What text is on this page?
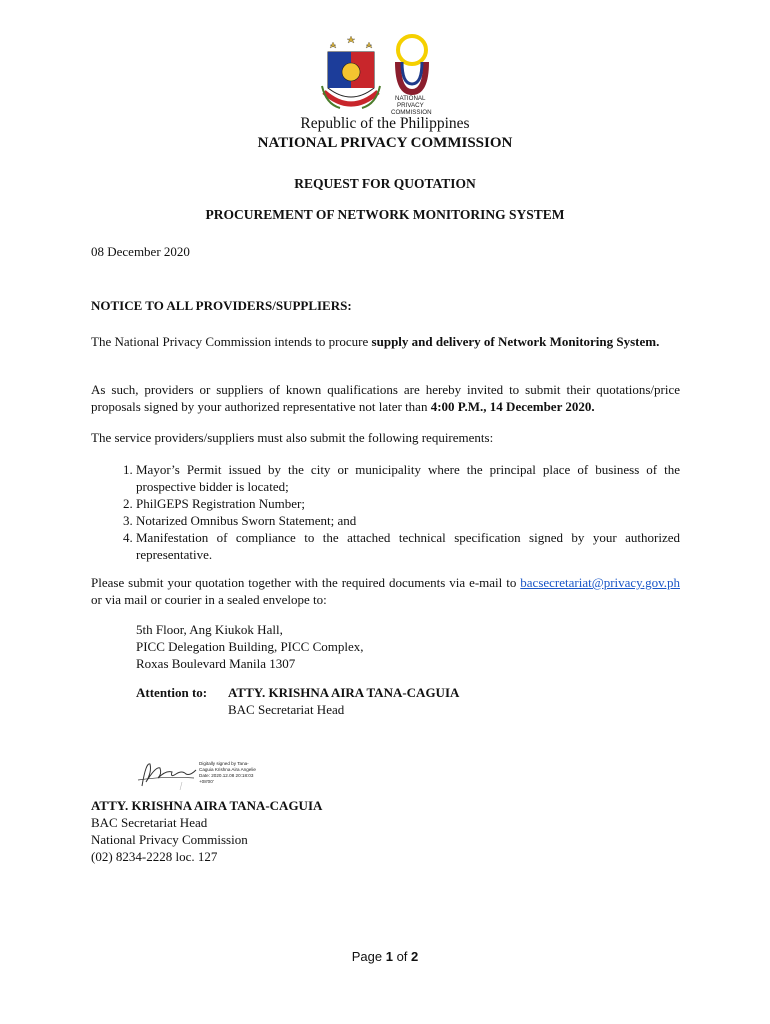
NATIONAL
PRIVACY
COMMISSION
Republic of the Philippines
NATIONAL PRIVACY COMMISSION
REQUEST FOR QUOTATION
PROCUREMENT OF NETWORK MONITORING SYSTEM
08 December 2020
NOTICE TO ALL PROVIDERS/SUPPLIERS:
The National Privacy Commission intends to procure supply and delivery of Network Monitoring System.
As such, providers or suppliers of known qualifications are hereby invited to submit their quotations/price proposals signed by your authorized representative not later than 4:00 P.M., 14 December 2020.
The service providers/suppliers must also submit the following requirements:
1. Mayor’s Permit issued by the city or municipality where the principal place of business of the prospective bidder is located;
2. PhilGEPS Registration Number;
3. Notarized Omnibus Sworn Statement; and
4. Manifestation of compliance to the attached technical specification signed by your authorized representative.
Please submit your quotation together with the required documents via e-mail to bacsecretariat@privacy.gov.ph or via mail or courier in a sealed envelope to:
5th Floor, Ang Kiukok Hall,
PICC Delegation Building, PICC Complex,
Roxas Boulevard Manila 1307
Attention to: ATTY. KRISHNA AIRA TANA-CAGUIA
BAC Secretariat Head
Digitally signed by Tana-
Caguia Krishna Aira Angelie
Date: 2020.12.08 20:18:03
+08'00'
ATTY. KRISHNA AIRA TANA-CAGUIA
BAC Secretariat Head
National Privacy Commission
(02) 8234-2228 loc. 127
Page 1 of 2
